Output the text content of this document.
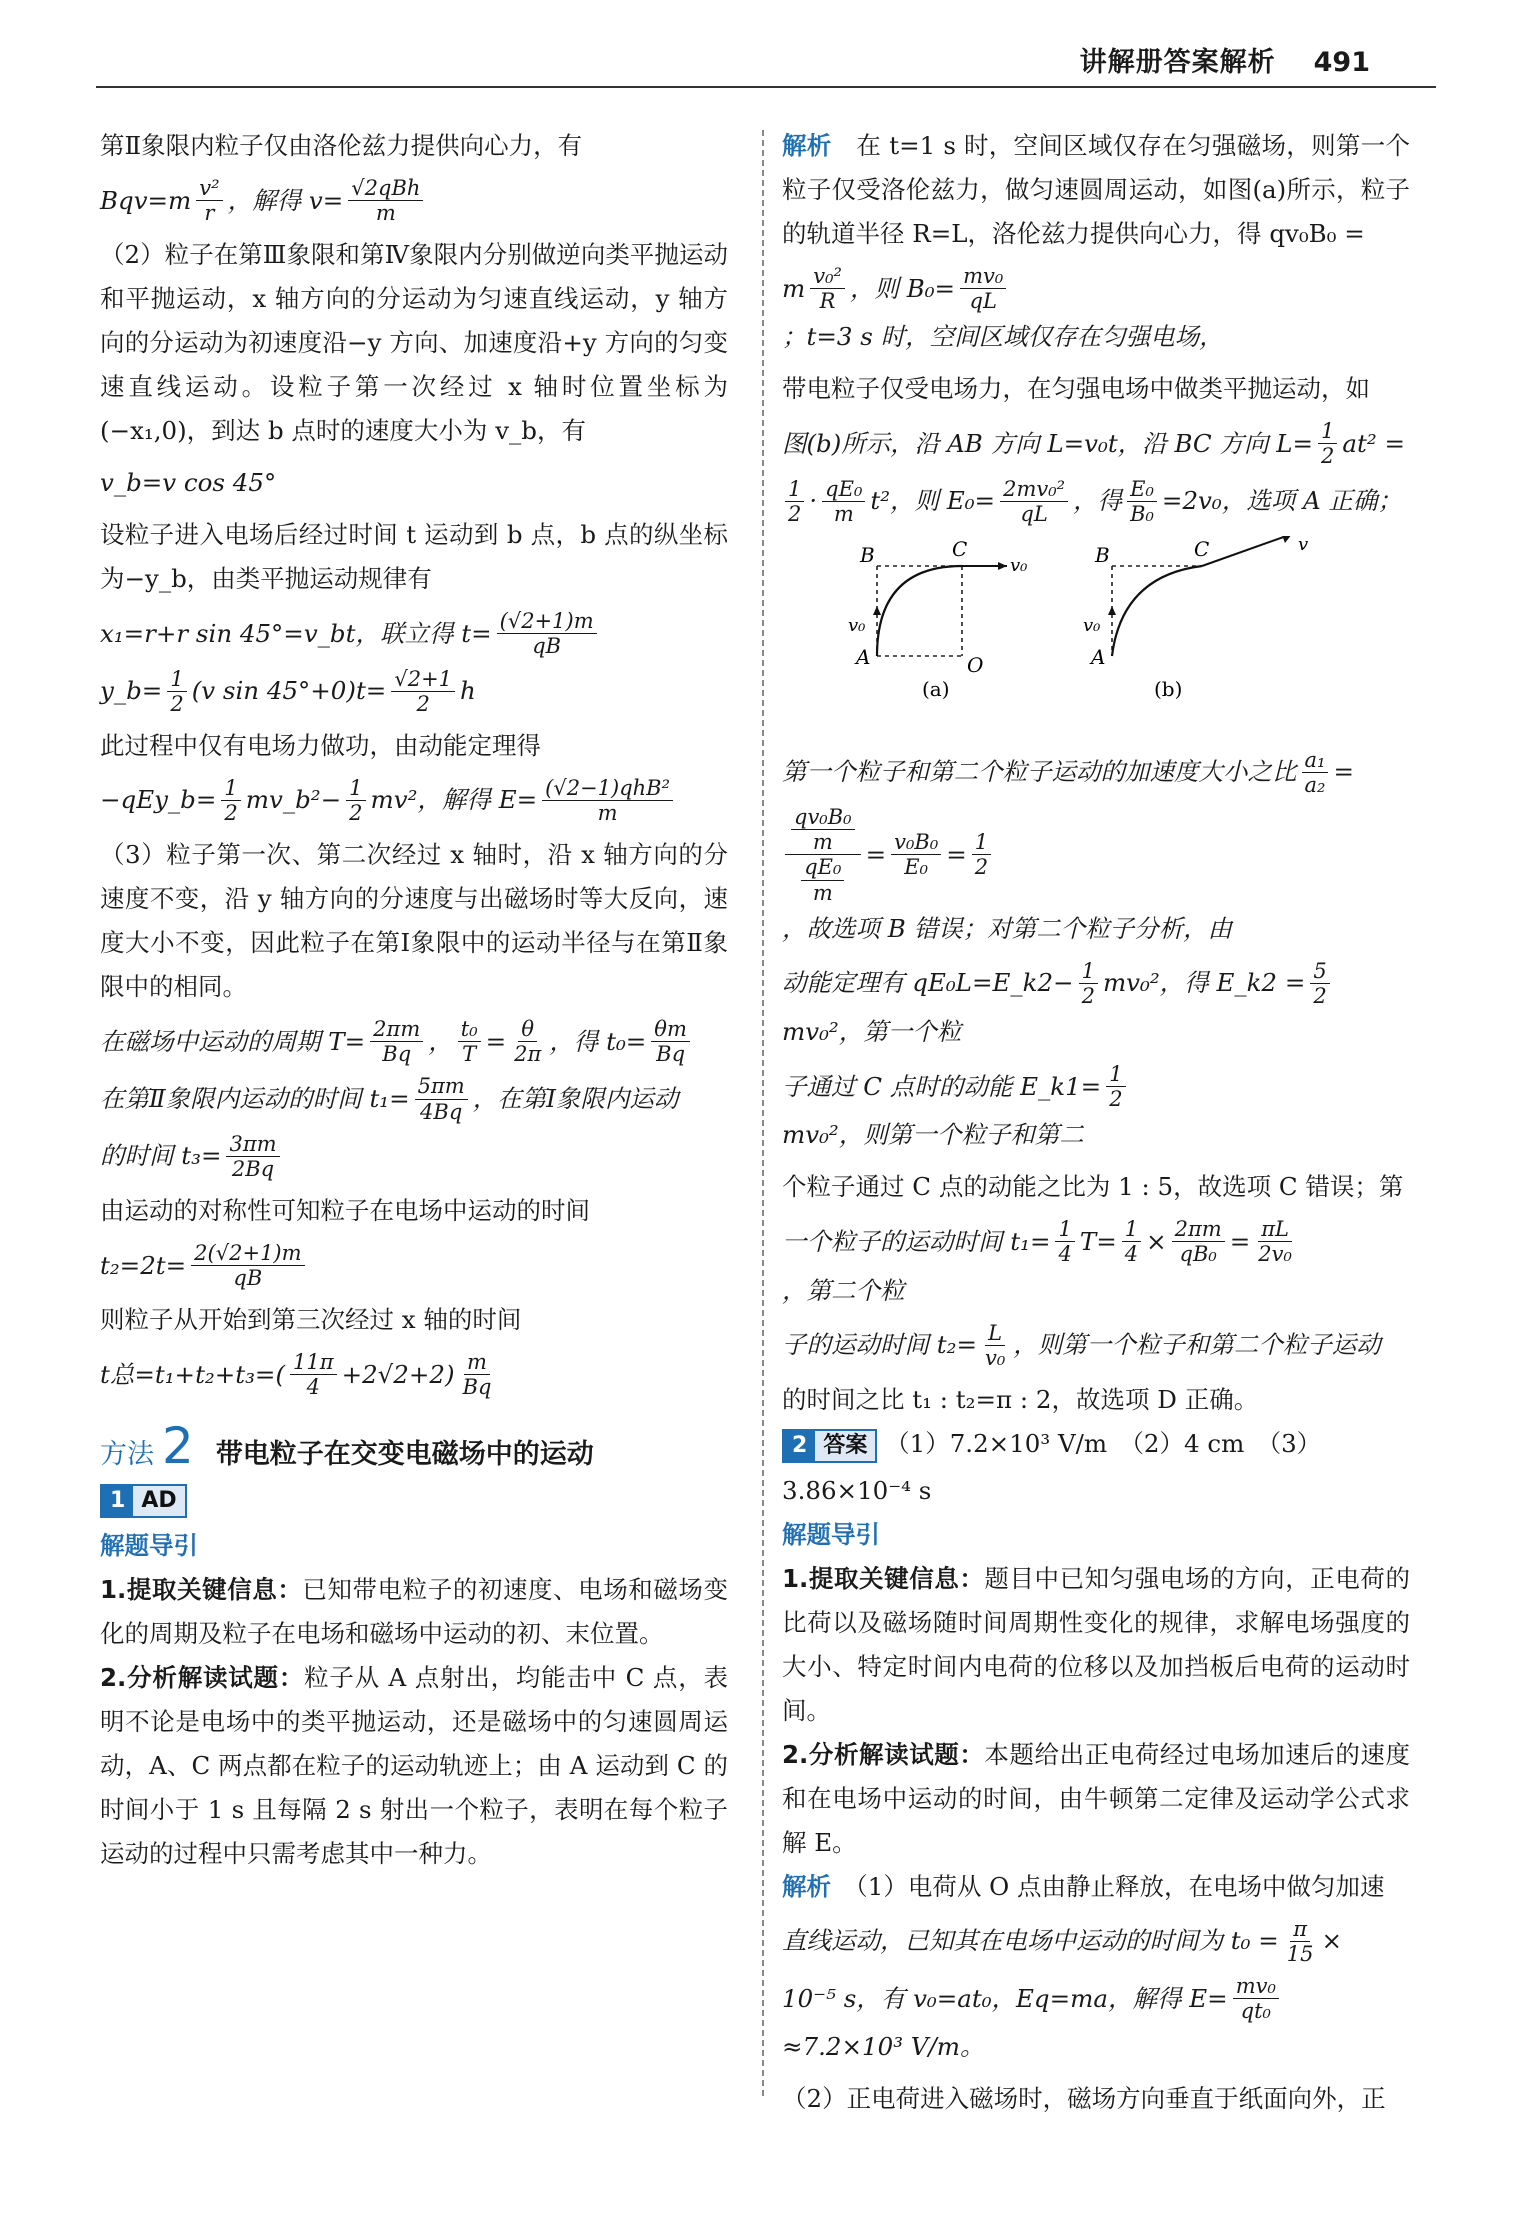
讲解册答案解析 491

第Ⅱ象限内粒子仅由洛伦兹力提供向心力，有

$Bqv=m \frac{\text{v²}}{r}$ ，解得 $v= \frac{\text{√2qBh}}{m}$

（2）粒子在第Ⅲ象限和第Ⅳ象限内分别做逆向类平抛运动和平抛运动，x 轴方向的分运动为匀速直线运动，y 轴方向的分运动为初速度沿−y 方向、加速度沿+y 方向的匀变速直线运动。设粒子第一次经过 x 轴时位置坐标为(−x₁,0)，到达 b 点时的速度大小为 v_b，有

v_b=v cos 45°

设粒子进入电场后经过时间 t 运动到 b 点，b 点的纵坐标为−y_b，由类平抛运动规律有

x₁=r+r sin 45°=v_bt，联立得 $t= \frac{(√2+1)m}{qB}$
y_b= $\frac{1}{2} (v$ $\sin 45^\circ+0)t= \frac{√2+1}{2}$ h

此过程中仅有电场力做功，由动能定理得

−qEy_b= $\frac{1}{2}$ mv_b²− $\frac{1}{2} mv^2$，解得 $E= \frac{\text{(√2−1)qhB²}}{m}$

（3）粒子第一次、第二次经过 x 轴时，沿 x 轴方向的分速度不变，沿 y 轴方向的分速度与出磁场时等大反向，速度大小不变，因此粒子在第Ⅰ象限中的运动半径与在第Ⅱ象限中的相同。

在磁场中运动的周期 $T= \frac{2\pi m}{Bq}$ ， $\frac{\text{t₀}}{T} = \frac{\theta}{2\pi}$ ，得 $t_0= \frac{\theta m}{Bq}$
在第Ⅱ象限内运动的时间 $t_1= \frac{5\pi m}{4Bq}$ ，在第Ⅰ象限内运动
的时间 $t_3= \frac{3\pi m}{2Bq}$

由运动的对称性可知粒子在电场中运动的时间

$t_2=2t= \frac{2(√2+1)m}{qB}$

则粒子从开始到第三次经过 x 轴的时间

t总$=t_1+t_2+t_3=( \frac{11\pi}{4} +2√2+2) \frac{m}{Bq}$
方法 2 带电粒子在交变电磁场中的运动
1 AD
解题导引

1.提取关键信息：已知带电粒子的初速度、电场和磁场变化的周期及粒子在电场和磁场中运动的初、末位置。

2.分析解读试题：粒子从 A 点射出，均能击中 C 点，表明不论是电场中的类平抛运动，还是磁场中的匀速圆周运动，A、C 两点都在粒子的运动轨迹上；由 A 运动到 C 的时间小于 1 s 且每隔 2 s 射出一个粒子，表明在每个粒子运动的过程中只需考虑其中一种力。

解析　 在 t=1 s 时，空间区域仅存在匀强磁场，则第一个粒子仅受洛伦兹力，做匀速圆周运动，如图(a)所示，粒子的轨道半径 R=L，洛伦兹力提供向心力，得 qv₀B₀ =

m $\frac{\text{v₀²}}{R}$ ，则 $B_0= \frac{\text{mv₀}}{qL}$
；t=3 s 时，空间区域仅存在匀强电场，

带电粒子仅受电场力，在匀强电场中做类平抛运动，如

图(b)所示，沿 AB 方向 L=v₀t，沿 BC 方向 $L= \frac{1}{2} at^2$ =
$\frac{1}{2} \cdot \frac{\text{qE₀}}{m} t^2$，则 $E_0= \frac{\text{2mv₀²}}{qL}$ ，得 $\frac{\text{E₀}}{\text{B₀}} =2v_0$，选项 A 正确；
B	C
v₀
v₀
A	O
(a)
B	C	v
v₀
A
(b)
第一个粒子和第二个粒子运动的加速度大小之比 $\frac{\text{a₁}}{\text{a₂}}$ =
$\frac{\frac{\text{qv₀B₀}}{m}}{\frac{\text{qE₀}}{m}} = \frac{\text{v₀B₀}}{\text{E₀}} = \frac{1}{2}$
，故选项 B 错误；对第二个粒子分析，由
动能定理有 qE₀L=E_k2− $\frac{1}{2} mv_0^2$，得 E_k2 = $\frac{5}{2}$
mv₀²，第一个粒
子通过 C 点时的动能 E_k1= $\frac{1}{2}$
mv₀²，则第一个粒子和第二

个粒子通过 C 点的动能之比为 1 : 5，故选项 C 错误；第

一个粒子的运动时间 $t_1= \frac{1}{4} T= \frac{1}{4} \times \frac{2\pi m}{\text{qB₀}} = \frac{\pi L}{\text{2v₀}}$
，第二个粒
子的运动时间 $t_2= \frac{L}{\text{v₀}}$ ，则第一个粒子和第二个粒子运动

的时间之比 t₁ : t₂=π : 2，故选项 D 正确。

2 答案 （1）7.2×10³ V/m　（2）4 cm　（3）3.86×10⁻⁴ s
解题导引

1.提取关键信息：题目中已知匀强电场的方向，正电荷的比荷以及磁场随时间周期性变化的规律，求解电场强度的大小、特定时间内电荷的位移以及加挡板后电荷的运动时间。

2.分析解读试题：本题给出正电荷经过电场加速后的速度和在电场中运动的时间，由牛顿第二定律及运动学公式求解 E。

解析　 （1）电荷从 O 点由静止释放，在电场中做匀加速

直线运动，已知其在电场中运动的时间为 $t_0 = \frac{\pi}{15}$ ×
10⁻⁵ s，有 v₀=at₀，Eq=ma，解得 $E= \frac{\text{mv₀}}{\text{qt₀}}$
≈7.2×10³ V/m。

（2）正电荷进入磁场时，磁场方向垂直于纸面向外，正
